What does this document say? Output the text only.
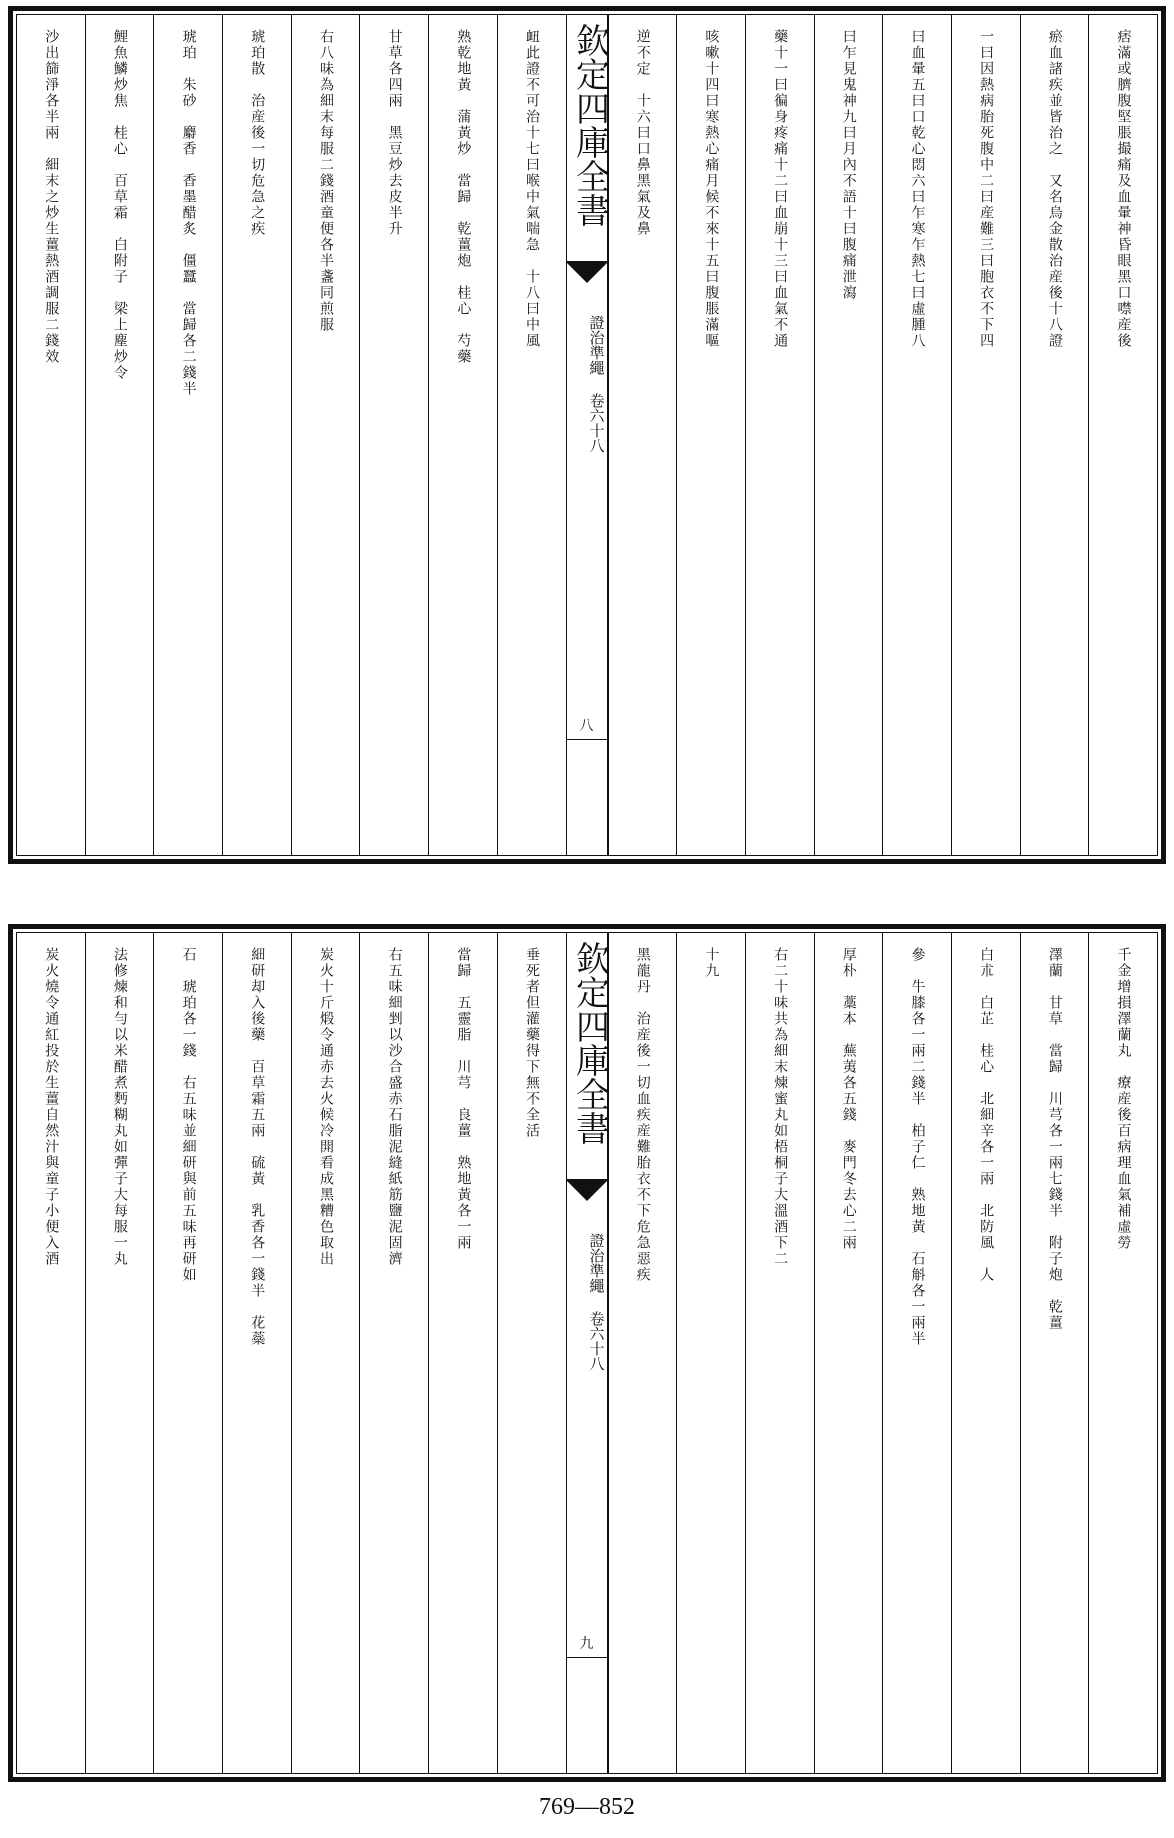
痞滿或臍腹堅脹撮痛及血暈神昏眼黑口噤産後
瘀血諸疾並皆治之　又名烏金散治産後十八證
一曰因熱病胎死腹中二曰産難三曰胞衣不下四
曰血暈五曰口乾心悶六曰乍寒乍熱七曰虛腫八
曰乍見鬼神九曰月內不語十曰腹痛泄瀉
藥十一曰徧身疼痛十二曰血崩十三曰血氣不通
咳嗽十四曰寒熱心痛月候不來十五曰腹脹滿嘔
逆不定　十六曰口鼻黑氣及鼻
欽定四庫全書
證治準繩 卷六十八
八
衄此證不可治十七曰喉中氣喘急　十八曰中風
熟乾地黃　蒲黃炒　當歸　乾薑炮　桂心　芍藥
甘草各四兩　黑豆炒去皮半升
右八味為細末每服二錢酒童便各半盞同煎服
琥珀散　治産後一切危急之疾
琥珀　朱砂　麝香　香墨醋炙　僵蠶　當歸各二錢半
鯉魚鱗炒焦　桂心　百草霜　白附子　梁上塵炒令
沙出篩淨各半兩　細末之炒生薑熱酒調服二錢效
千金增損澤蘭丸　療産後百病理血氣補虛勞
澤蘭　甘草　當歸　川芎各一兩七錢半　附子炮　乾薑
白朮　白芷　桂心　北細辛各一兩　北防風　人
參　牛膝各一兩二錢半　柏子仁　熟地黃　石斛各一兩半
厚朴　藁本　蕪荑各五錢　麥門冬去心二兩
右二十味共為細末煉蜜丸如梧桐子大溫酒下二
十九
黑龍丹　治産後一切血疾産難胎衣不下危急惡疾
欽定四庫全書
證治準繩 卷六十八
九
垂死者但灌藥得下無不全活
當歸　五靈脂　川芎　良薑　熟地黃各一兩
右五味細剉以沙合盛赤石脂泥縫紙筋鹽泥固濟
炭火十斤煅令通赤去火候冷開看成黑糟色取出
細研却入後藥　百草霜五兩　硫黃　乳香各一錢半　花蘂
石　琥珀各一錢　右五味並細研與前五味再研如
法修煉和勻以米醋煮麪糊丸如彈子大每服一丸
炭火燒令通紅投於生薑自然汁與童子小便入酒
769—852
